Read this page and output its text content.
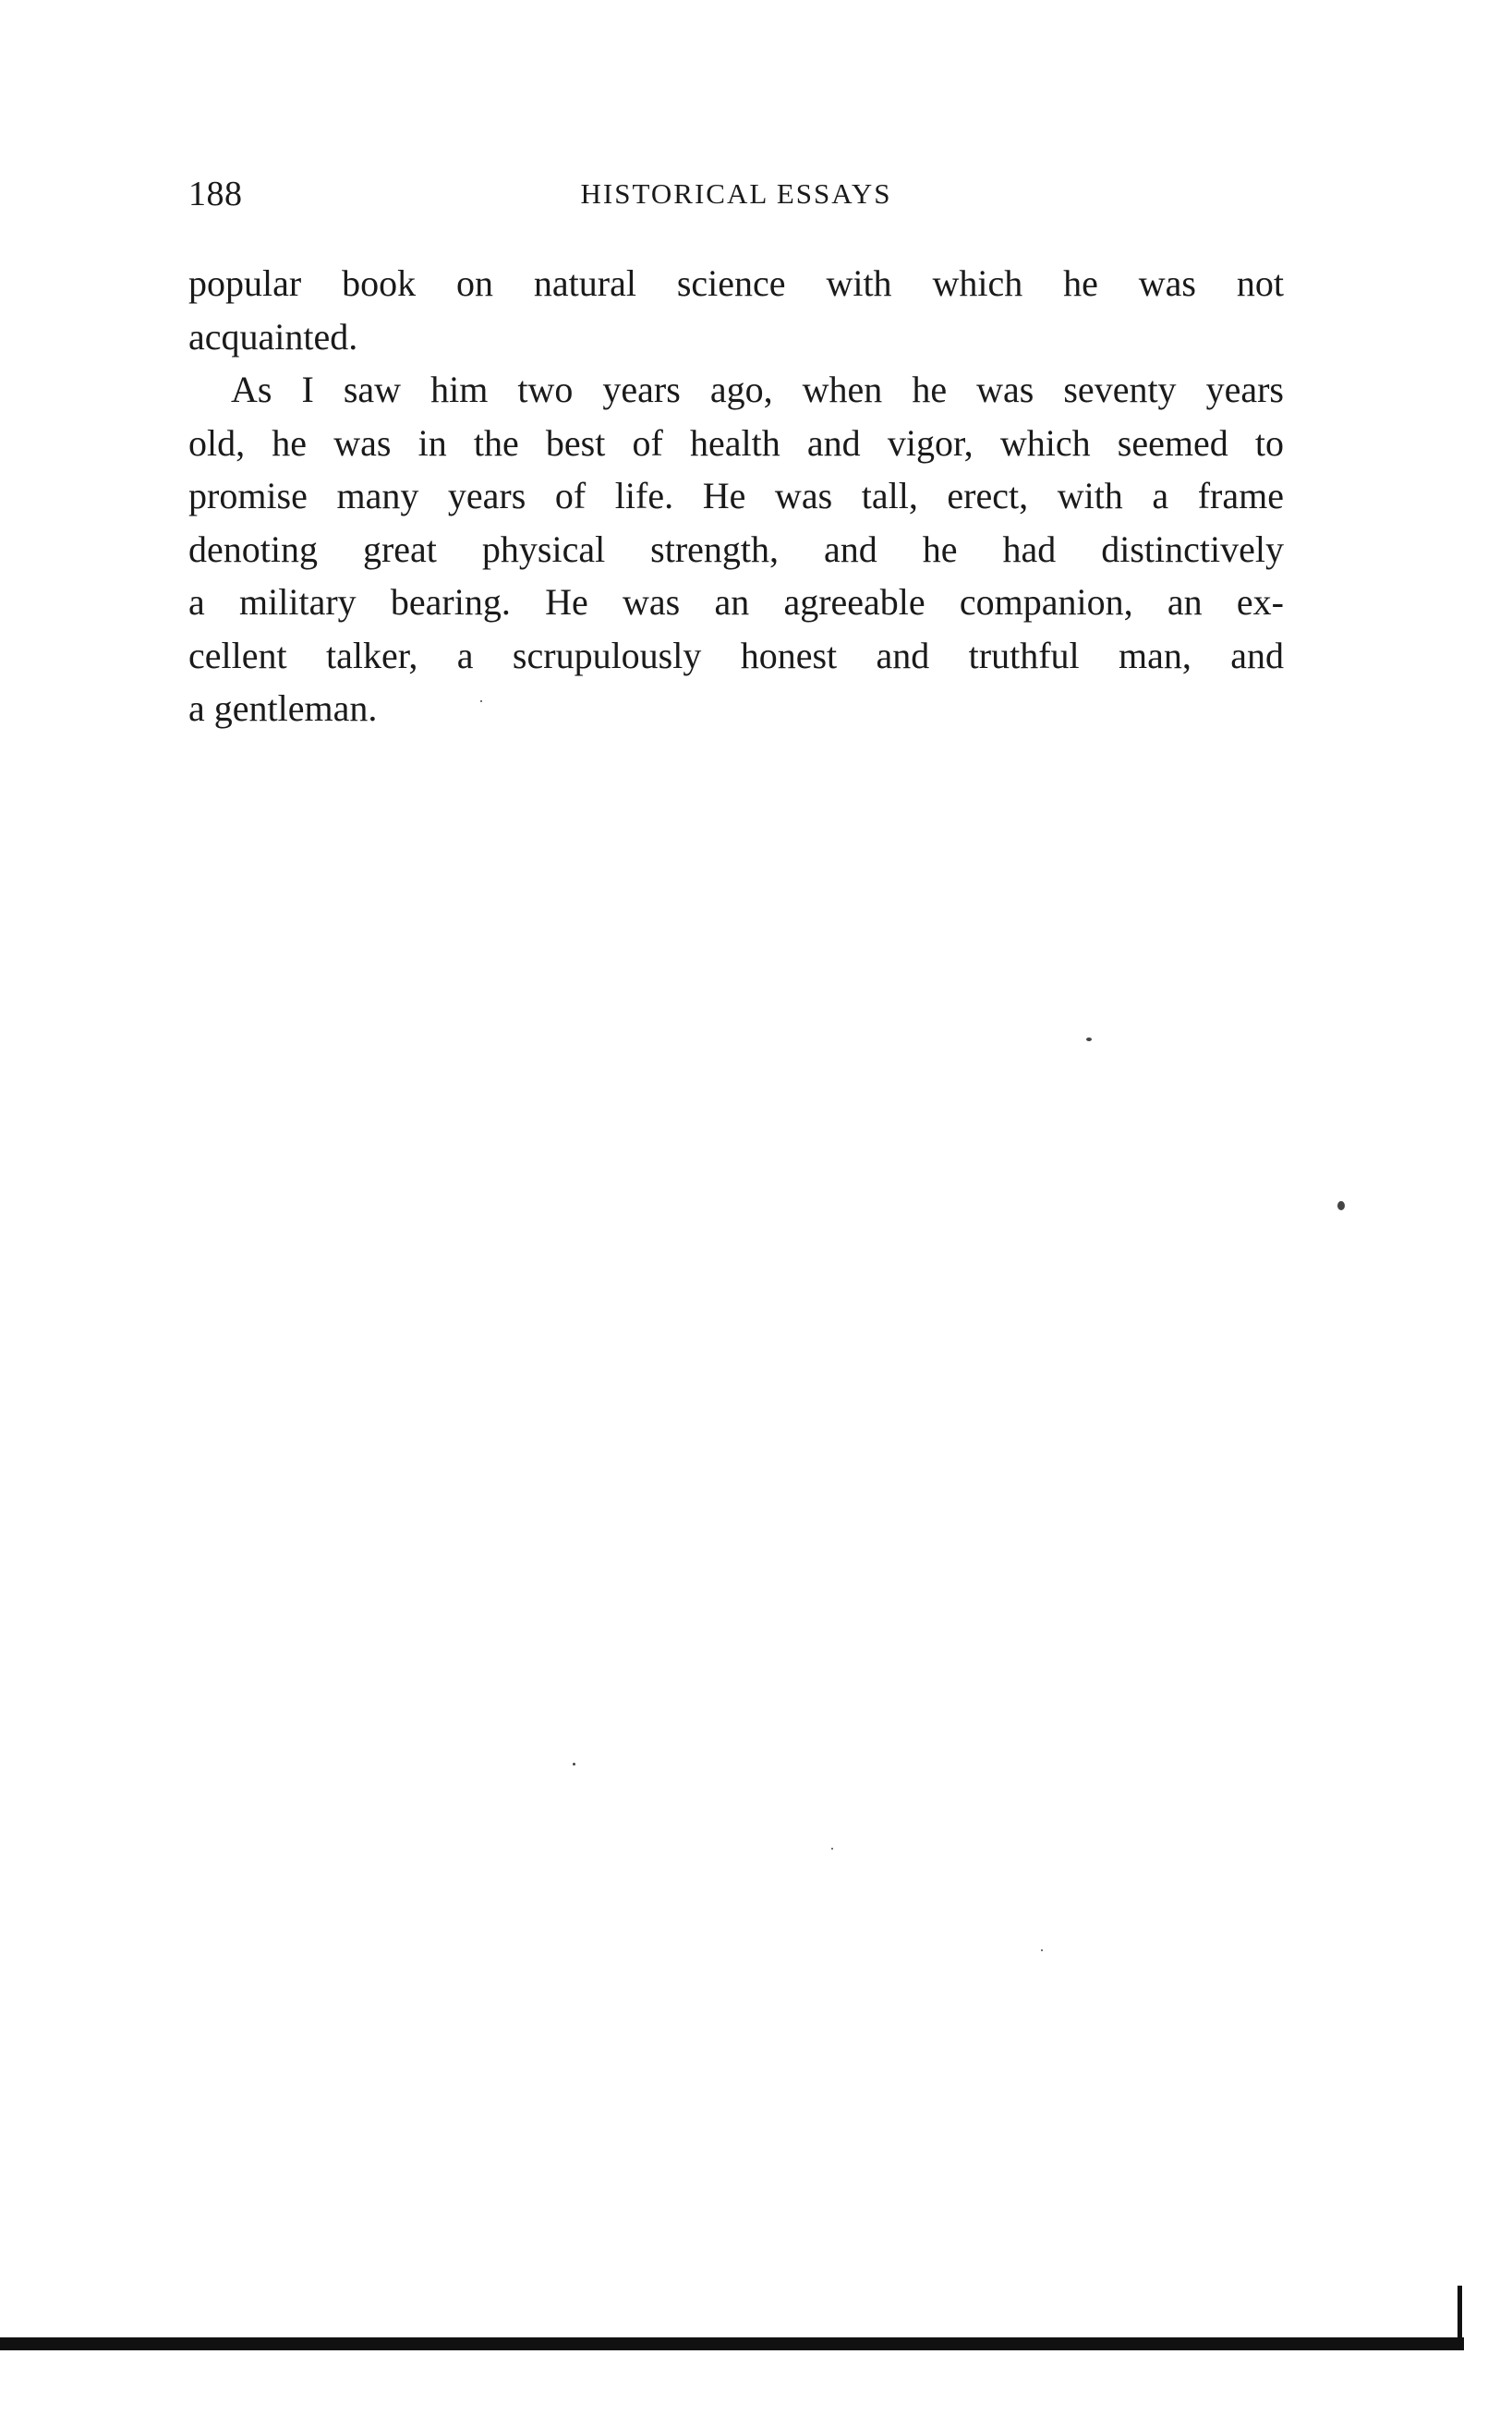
188	HISTORICAL ESSAYS
popular book on natural science with which he was not
acquainted.
As I saw him two years ago, when he was seventy years
old, he was in the best of health and vigor, which seemed to
promise many years of life. He was tall, erect, with a frame
denoting great physical strength, and he had distinctively
a military bearing. He was an agreeable companion, an ex-
cellent talker, a scrupulously honest and truthful man, and
a gentleman.
